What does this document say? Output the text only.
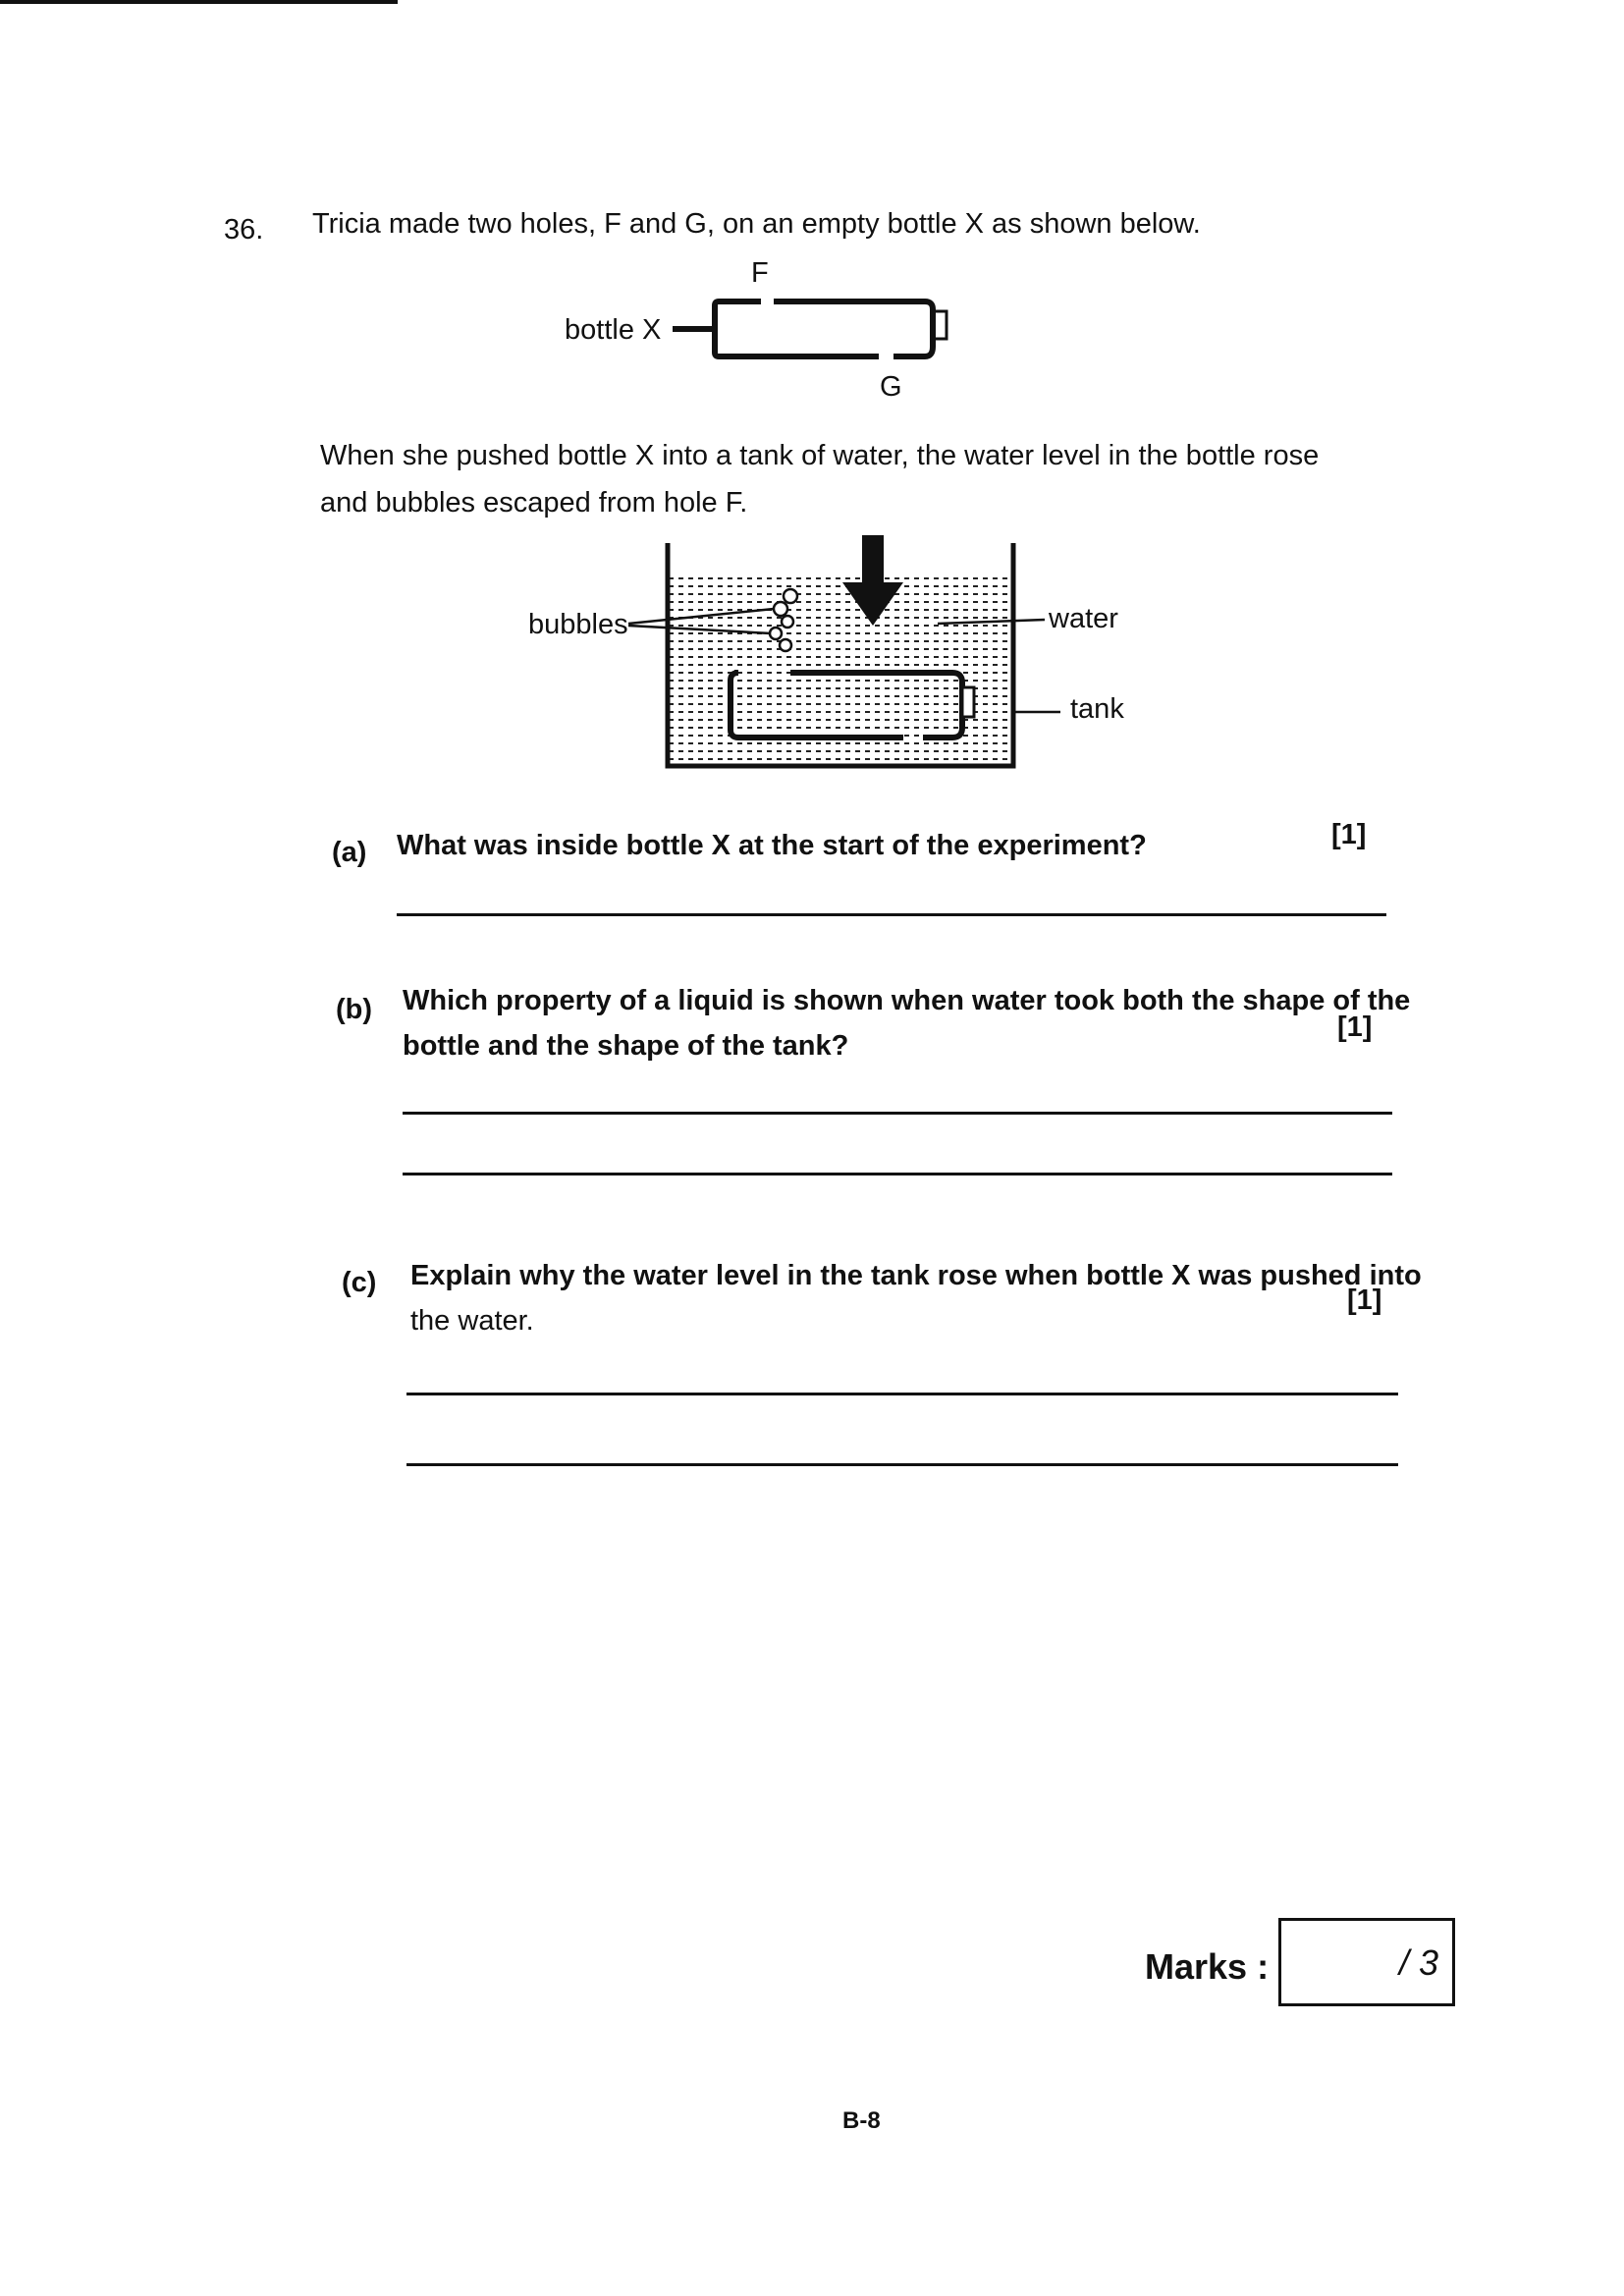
36. Tricia made two holes, F and G, on an empty bottle X as shown below.
F
bottle X
G
When she pushed bottle X into a tank of water, the water level in the bottle rose
and bubbles escaped from hole F.
bubbles	water
tank
(a) What was inside bottle X at the start of the experiment?	[1]
(b) Which property of a liquid is shown when water took both the shape of the
bottle and the shape of the tank?
[1]
(c) Explain why the water level in the tank rose when bottle X was pushed into
the water.
[1]
Marks :	/ 3
B-8
